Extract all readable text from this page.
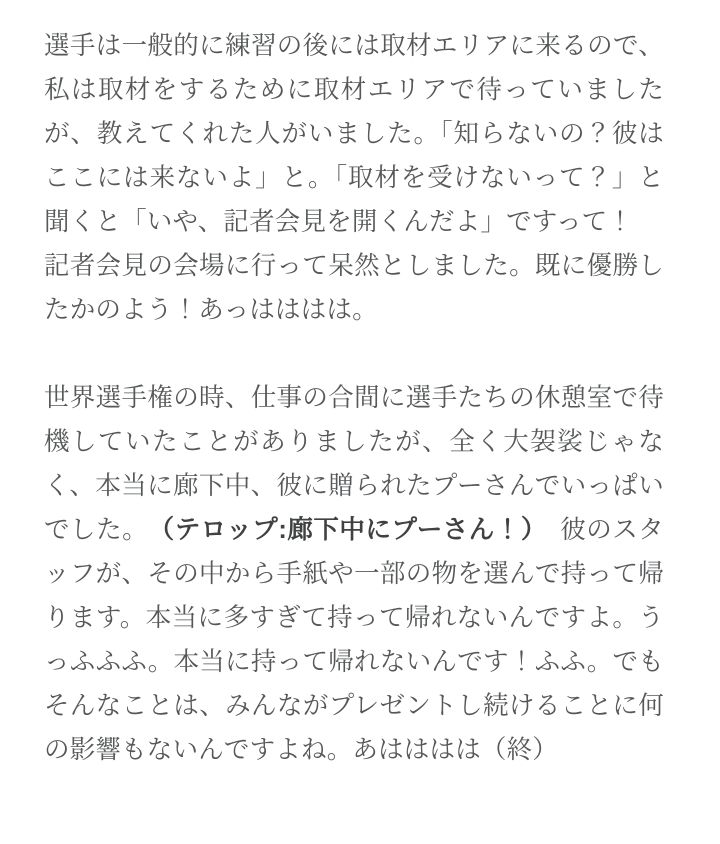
選手は一般的に練習の後には取材エリアに来るので、私は取材をするために取材エリアで待っていましたが、教えてくれた人がいました。「知らないの？彼はここには来ないよ」と。「取材を受けないって？」と聞くと「いや、記者会見を開くんだよ」ですって！

記者会見の会場に行って呆然としました。既に優勝したかのよう！あっはははは。

世界選手権の時、仕事の合間に選手たちの休憩室で待機していたことがありましたが、全く大袈裟じゃなく、本当に廊下中、彼に贈られたプーさんでいっぱいでした。　（テロップ:廊下中にプーさん！）　彼のスタッフが、その中から手紙や一部の物を選んで持って帰ります。本当に多すぎて持って帰れないんですよ。うっふふふ。本当に持って帰れないんです！ふふ。でもそんなことは、みんながプレゼントし続けることに何の影響もないんですよね。あはははは（終）
